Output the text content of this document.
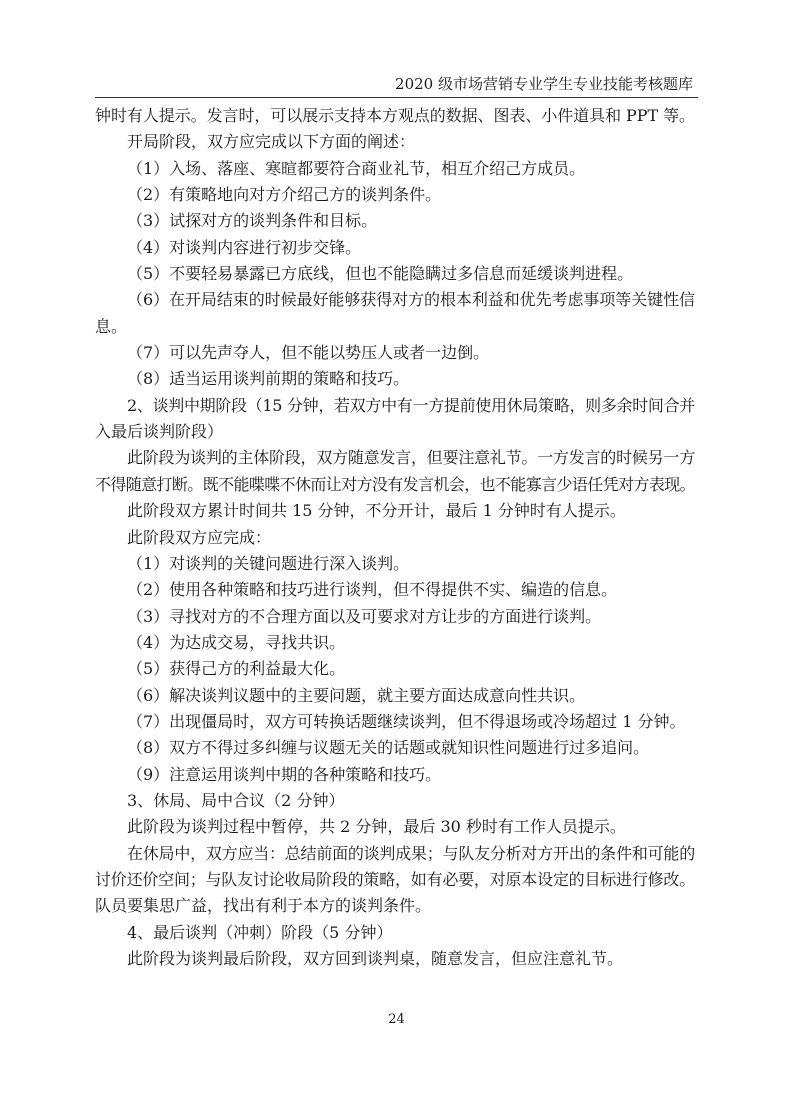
2020 级市场营销专业学生专业技能考核题库

钟时有人提示。发言时，可以展示支持本方观点的数据、图表、小件道具和 PPT 等。

开局阶段，双方应完成以下方面的阐述：

（1）入场、落座、寒暄都要符合商业礼节，相互介绍己方成员。

（2）有策略地向对方介绍己方的谈判条件。

（3）试探对方的谈判条件和目标。

（4）对谈判内容进行初步交锋。

（5）不要轻易暴露已方底线，但也不能隐瞒过多信息而延缓谈判进程。

（6）在开局结束的时候最好能够获得对方的根本利益和优先考虑事项等关键性信

息。

（7）可以先声夺人，但不能以势压人或者一边倒。

（8）适当运用谈判前期的策略和技巧。

2、谈判中期阶段（15 分钟，若双方中有一方提前使用休局策略，则多余时间合并

入最后谈判阶段）

此阶段为谈判的主体阶段，双方随意发言，但要注意礼节。一方发言的时候另一方

不得随意打断。既不能喋喋不休而让对方没有发言机会，也不能寡言少语任凭对方表现。

此阶段双方累计时间共 15 分钟，不分开计，最后 1 分钟时有人提示。

此阶段双方应完成：

（1）对谈判的关键问题进行深入谈判。

（2）使用各种策略和技巧进行谈判，但不得提供不实、编造的信息。

（3）寻找对方的不合理方面以及可要求对方让步的方面进行谈判。

（4）为达成交易，寻找共识。

（5）获得己方的利益最大化。

（6）解决谈判议题中的主要问题，就主要方面达成意向性共识。

（7）出现僵局时，双方可转换话题继续谈判，但不得退场或冷场超过 1 分钟。

（8）双方不得过多纠缠与议题无关的话题或就知识性问题进行过多追问。

（9）注意运用谈判中期的各种策略和技巧。

3、休局、局中合议（2 分钟）

此阶段为谈判过程中暂停，共 2 分钟，最后 30 秒时有工作人员提示。

在休局中，双方应当：总结前面的谈判成果；与队友分析对方开出的条件和可能的

讨价还价空间；与队友讨论收局阶段的策略，如有必要，对原本设定的目标进行修改。

队员要集思广益，找出有利于本方的谈判条件。

4、最后谈判（冲刺）阶段（5 分钟）

此阶段为谈判最后阶段，双方回到谈判桌，随意发言，但应注意礼节。

24
